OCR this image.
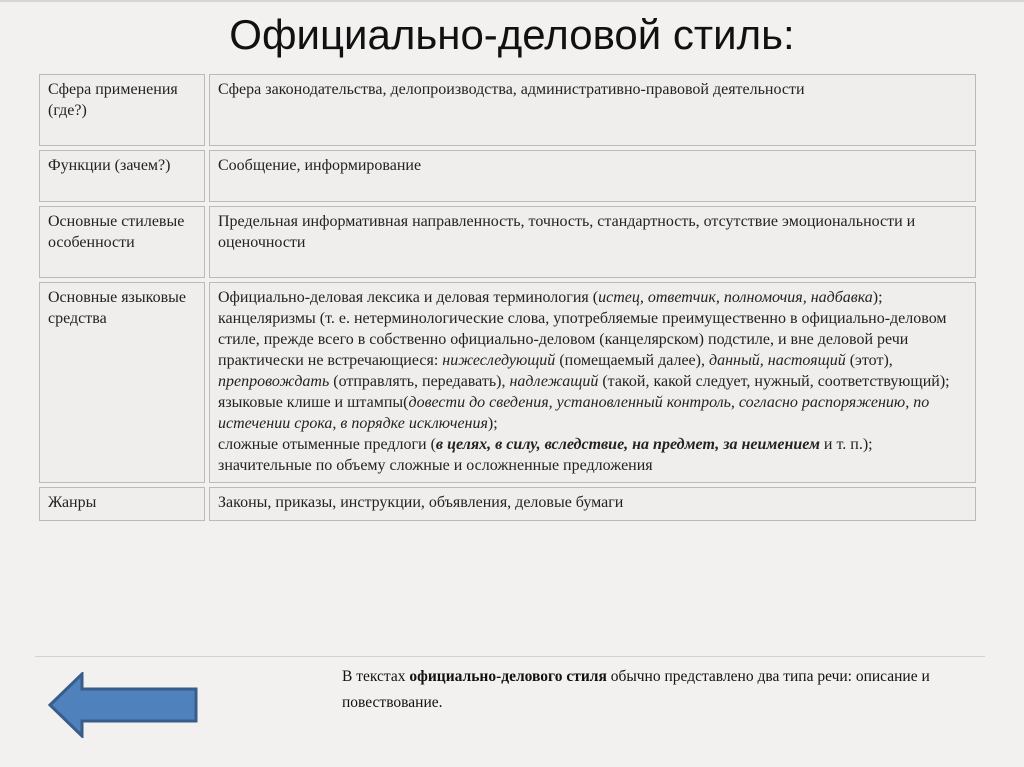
Официально-деловой стиль:
Сфера применения (где?)	Сфера законодательства, делопроизводства, административно-правовой деятельности
Функции (зачем?)	Сообщение, информирование
Основные стилевые особенности	Предельная информативная направленность, точность, стандартность, отсутствие эмоциональности и оценочности
Основные языковые средства	Официально-деловая лексика и деловая терминология (истец, ответчик, полномочия, надбавка);
канцеляризмы (т. е. нетерминологические слова, употребляемые преимущественно в официально-деловом стиле, прежде всего в собственно официально-деловом (канцелярском) подстиле, и вне деловой речи практически не встречающиеся: нижеследующий (помещаемый далее), данный, настоящий (этот), препровождать (отправлять, передавать), надлежащий (такой, какой следует, нужный, соответствующий);
языковые клише и штампы(довести до сведения, установленный контроль, согласно распоряжению, по истечении срока, в порядке исключения);
сложные отыменные предлоги (в целях, в силу, вследствие, на предмет, за неимением и т. п.);
значительные по объему сложные и осложненные предложения
Жанры	Законы, приказы, инструкции, объявления, деловые бумаги
В текстах официально-делового стиля обычно представлено два типа речи: описание и повествование.
